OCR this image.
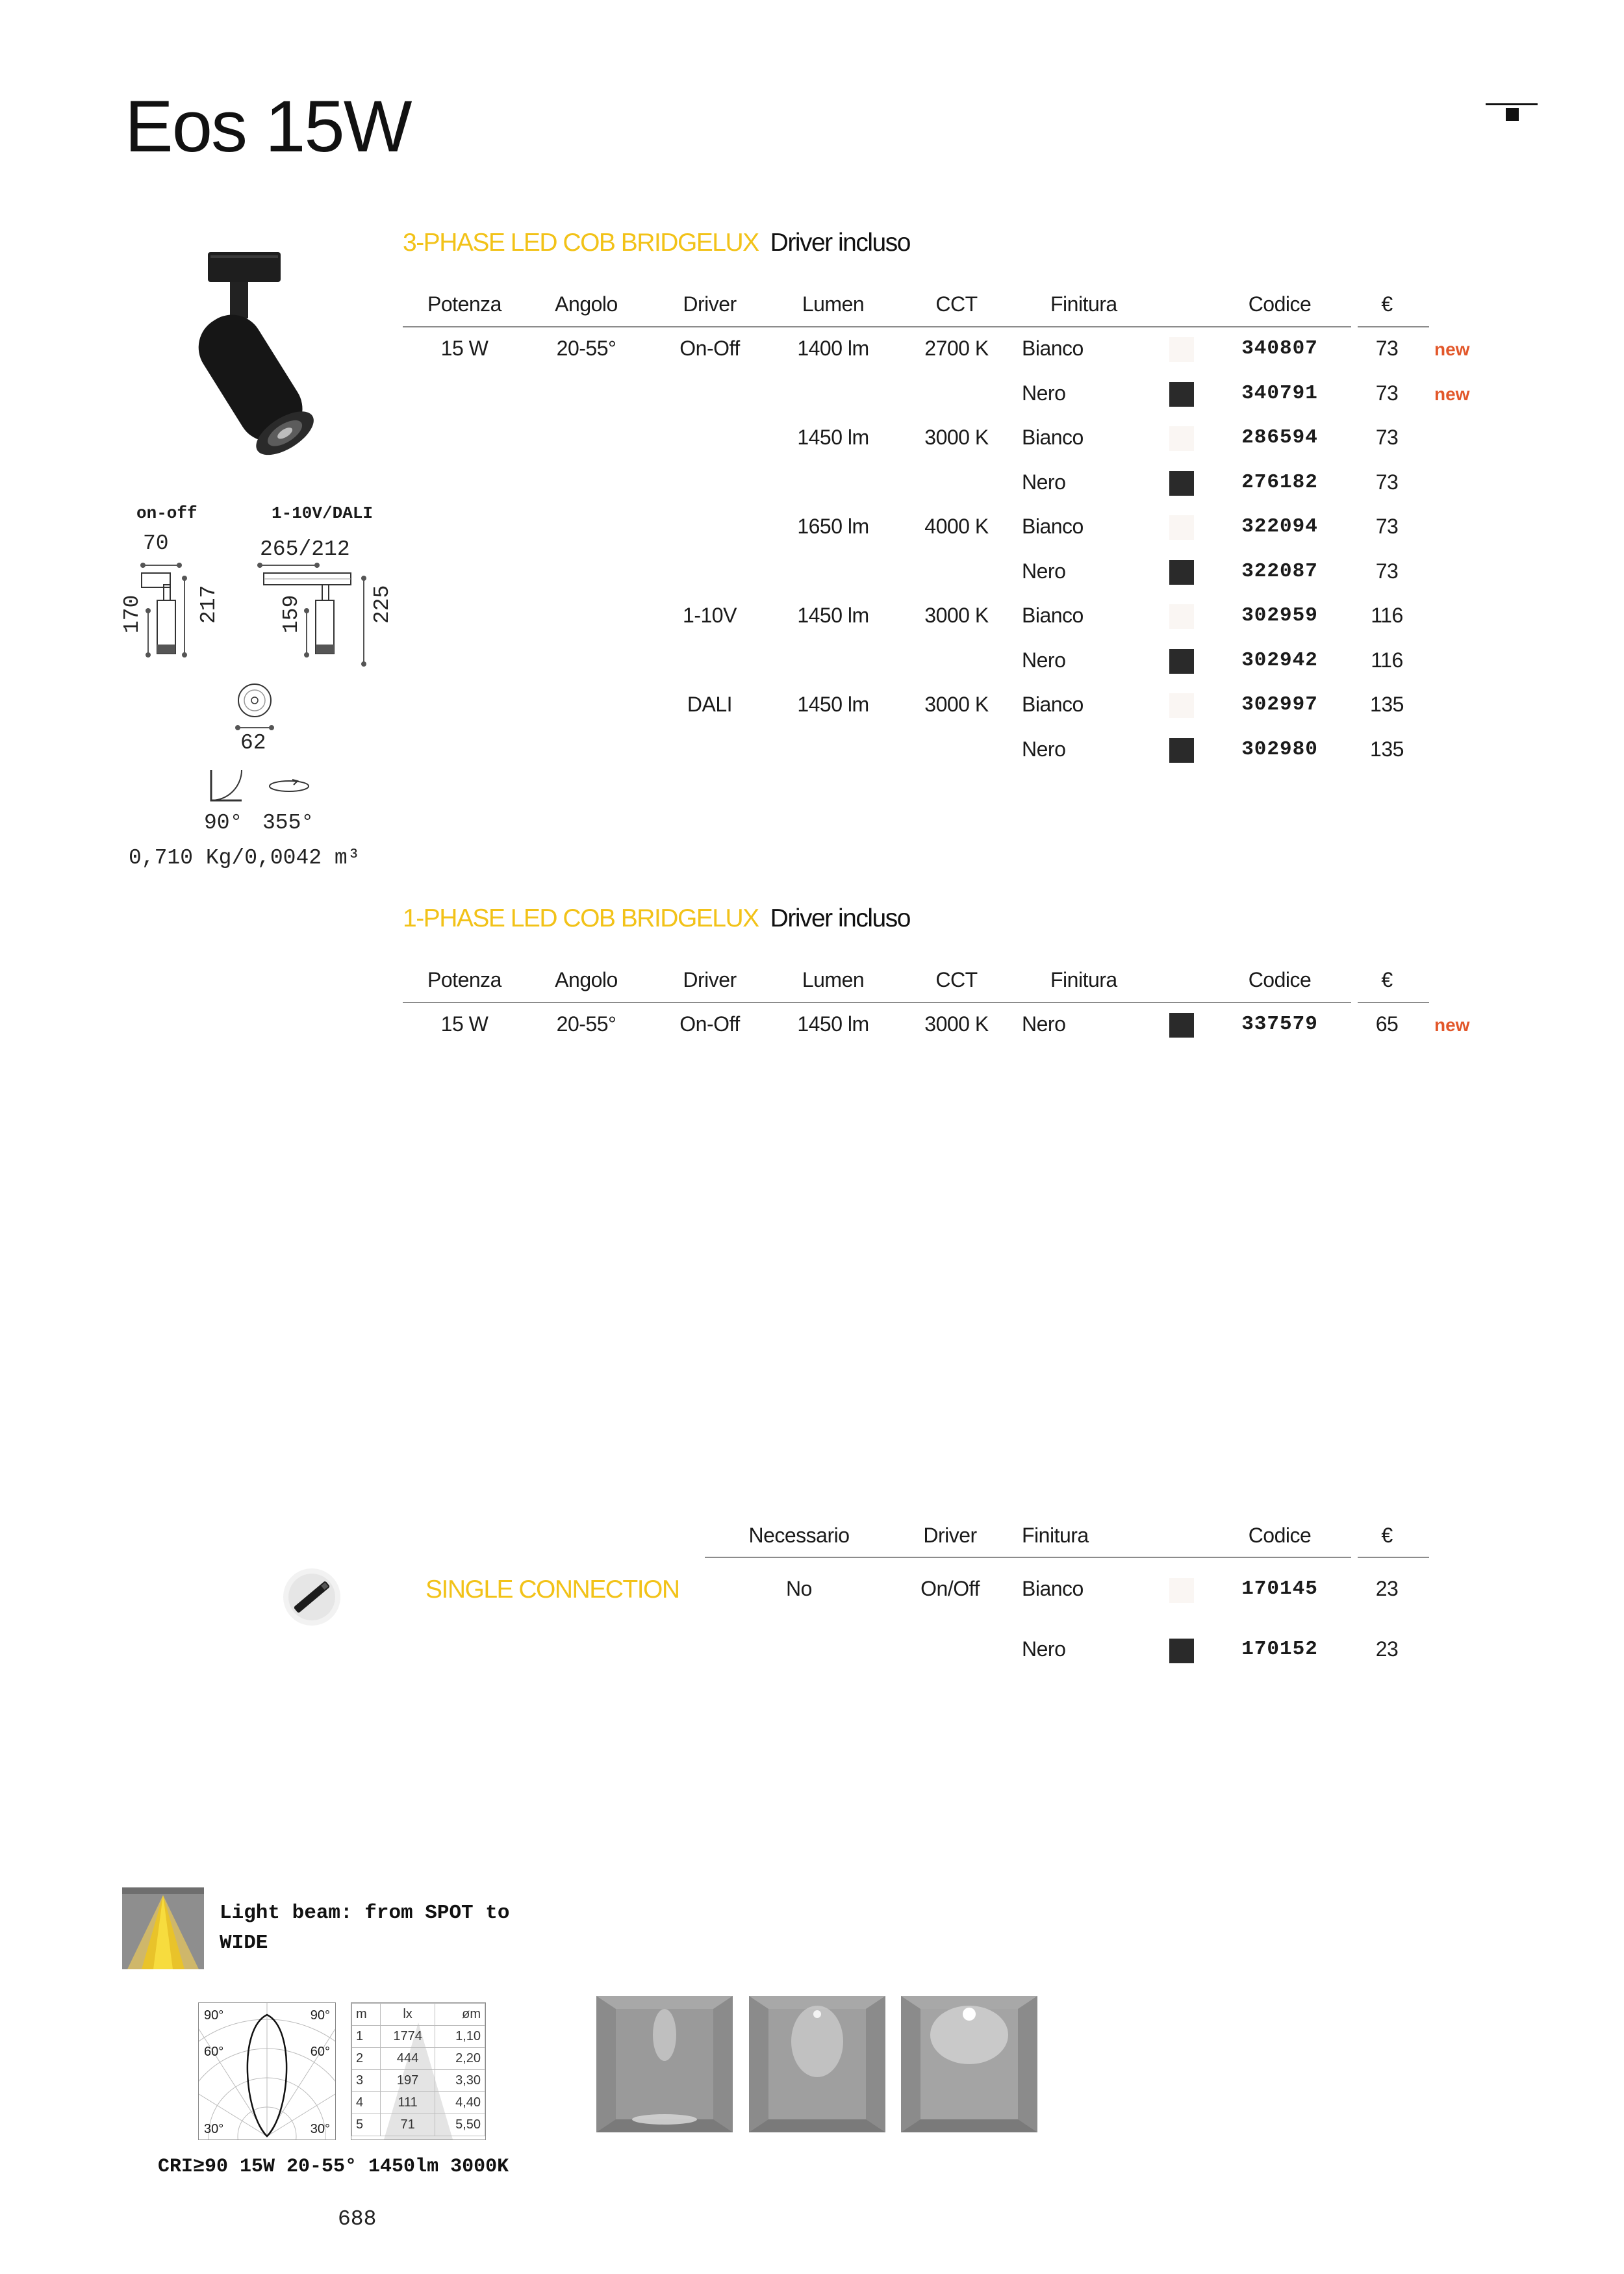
Eos 15W
on-off	1-10V/DALI
70	265/212
170 217	159	225
62
90° 355°
0,710 Kg/0,0042 m³
3-PHASE LED COB BRIDGELUX Driver incluso
Potenza	Angolo	Driver	Lumen	CCT	Finitura	Codice	€
15 W	20-55°	On-Off	1400 lm	2700 K	Bianco	340807	73	new
Nero	340791	73	new
1450 lm	3000 K	Bianco	286594	73
Nero	276182	73
1650 lm	4000 K	Bianco	322094	73
Nero	322087	73
1-10V	1450 lm	3000 K	Bianco	302959	116
Nero	302942	116
DALI	1450 lm	3000 K	Bianco	302997	135
Nero	302980	135
1-PHASE LED COB BRIDGELUX Driver incluso
Potenza	Angolo	Driver	Lumen	CCT	Finitura	Codice	€
15 W	20-55°	On-Off	1450 lm	3000 K	Nero	337579	65	new
SINGLE CONNECTION
Necessario	Driver	Finitura	Codice	€
No	On/Off	Bianco	170145	23
Nero	170152	23
Light beam: from SPOT to
WIDE
90°	90°
60°	60°
30°	30°
m	lx	øm
1	1774	1,10
2	444	2,20
3	197	3,30
4	111	4,40
5	71	5,50
CRI≥90 15W 20-55° 1450lm 3000K
688
